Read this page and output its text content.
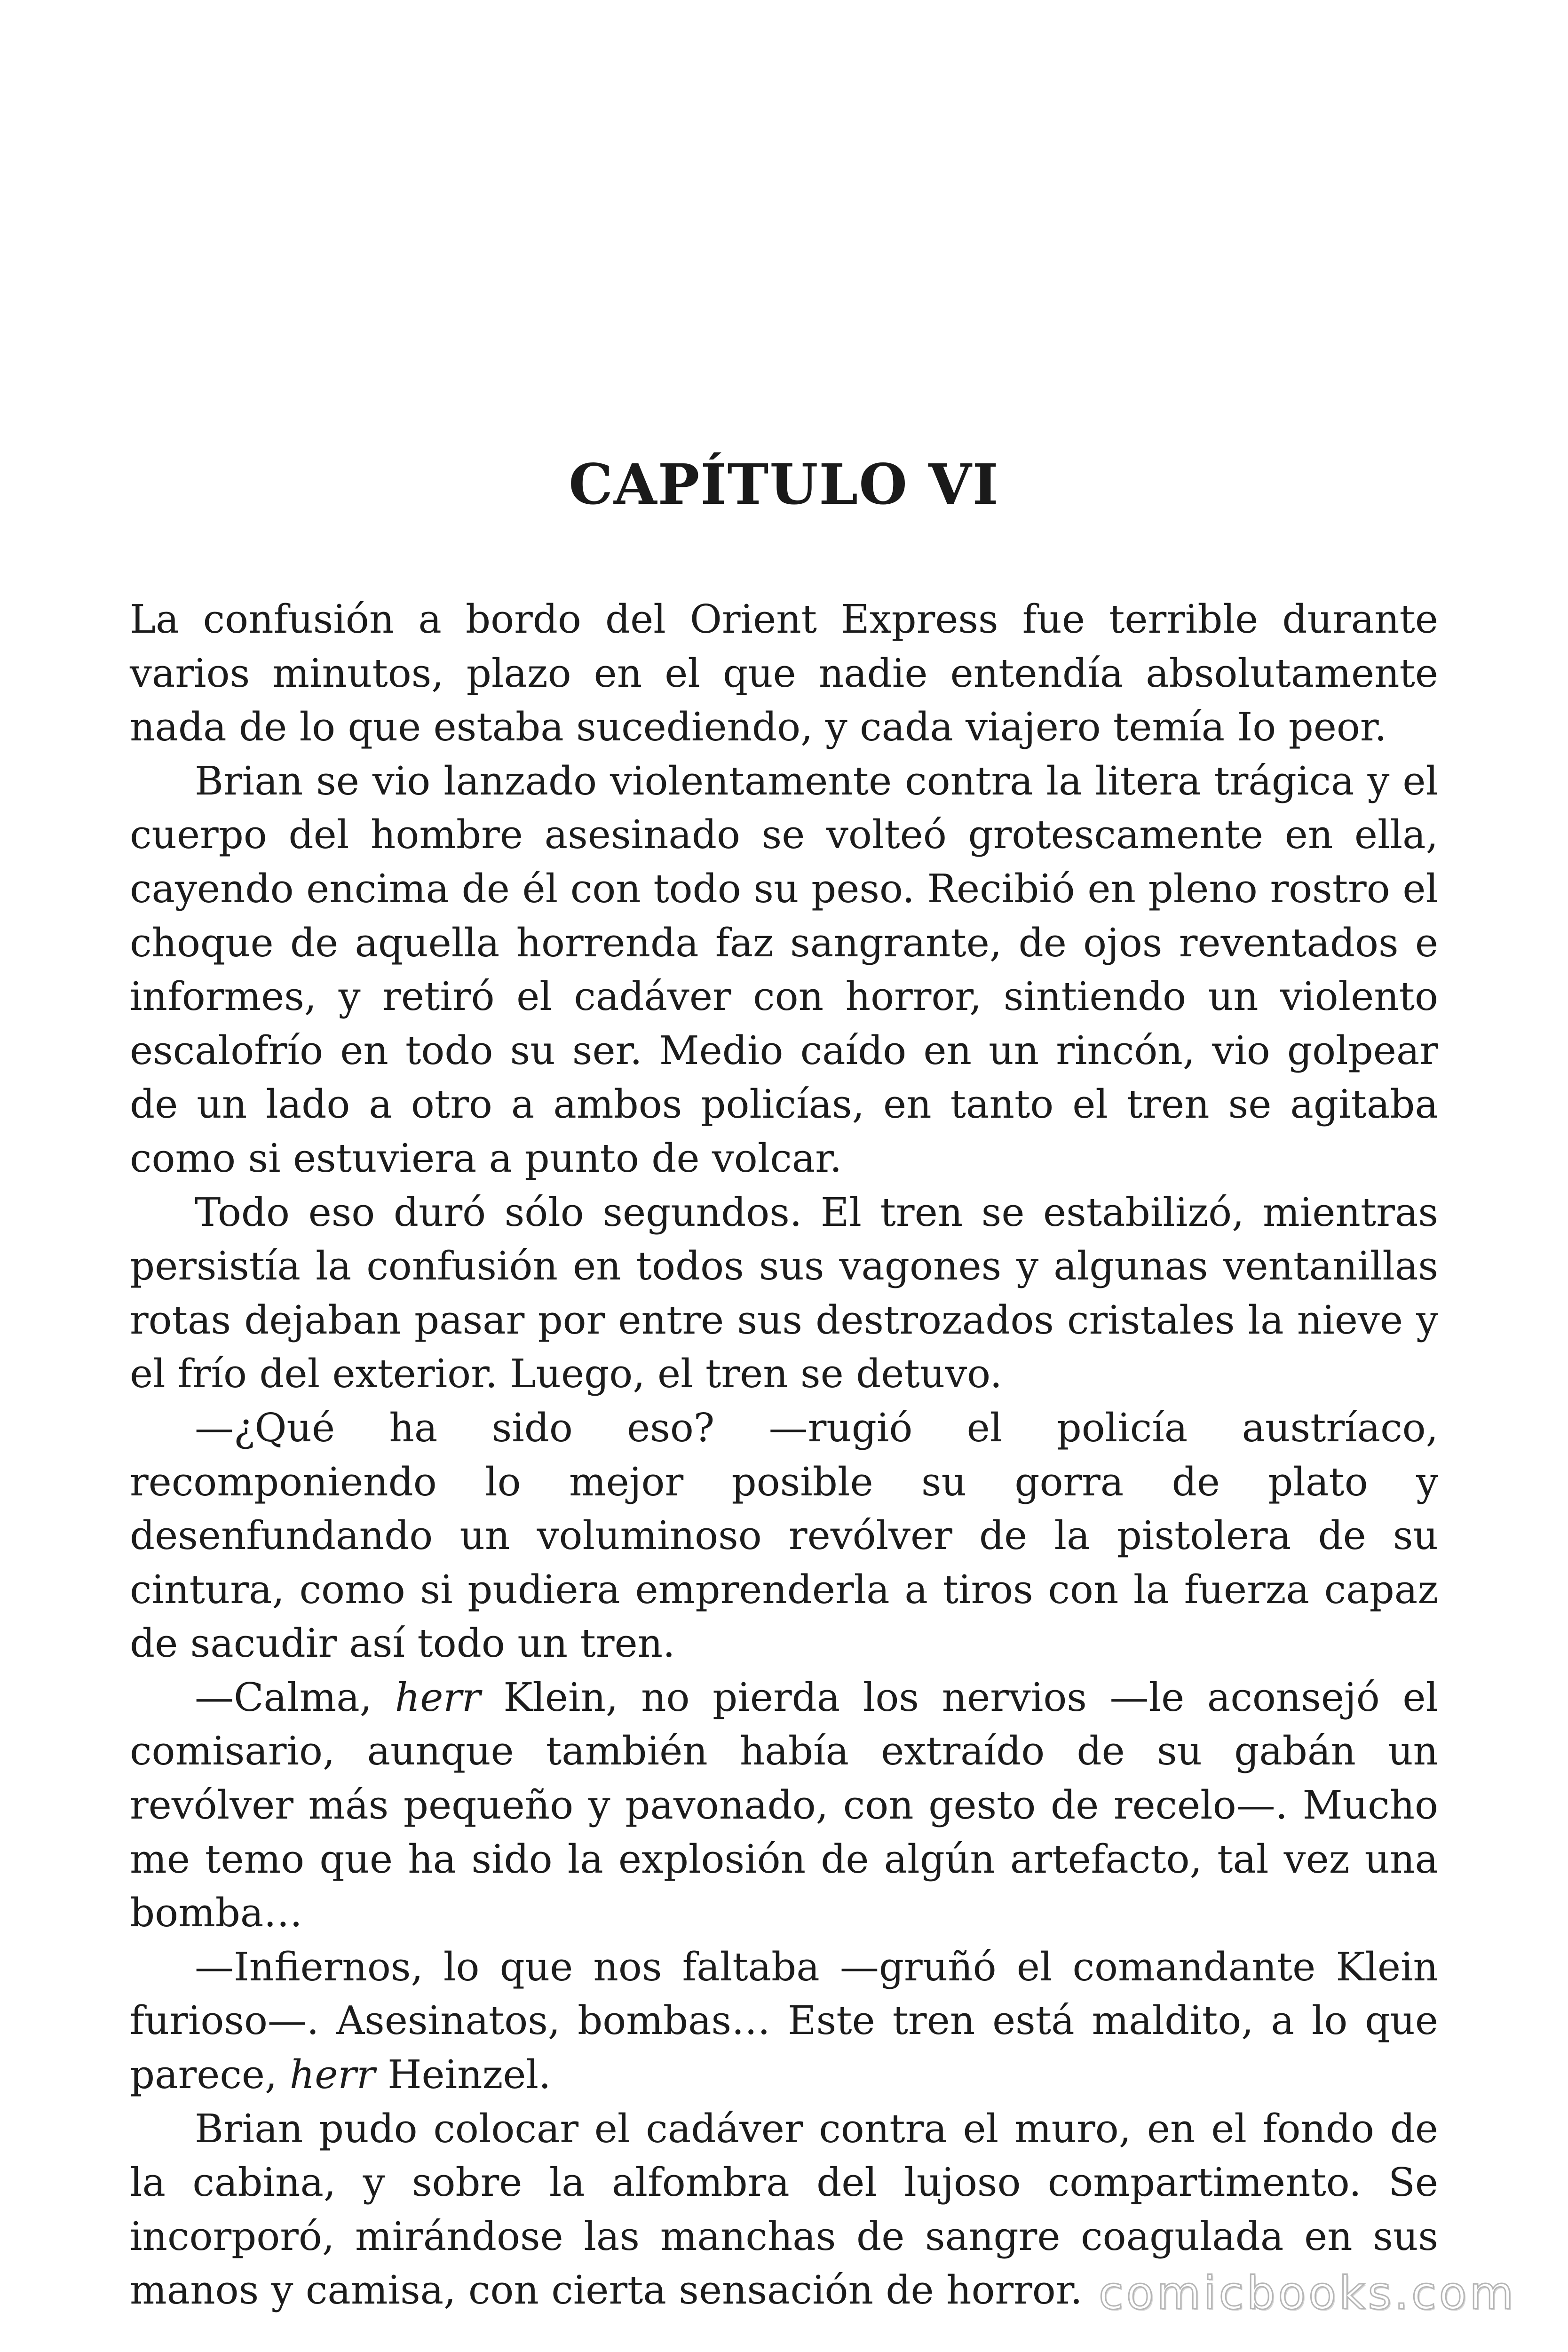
CAPÍTULO VI

La confusión a bordo del Orient Express fue terrible durante varios minutos, plazo en el que nadie entendía absolutamente nada de lo que estaba sucediendo, y cada viajero temía Io peor.

Brian se vio lanzado violentamente contra la litera trágica y el cuerpo del hombre asesinado se volteó grotescamente en ella, cayendo encima de él con todo su peso. Recibió en pleno rostro el choque de aquella horrenda faz sangrante, de ojos reventados e informes, y retiró el cadáver con horror, sintiendo un violento escalofrío en todo su ser. Medio caído en un rincón, vio golpear de un lado a otro a ambos policías, en tanto el tren se agitaba como si estuviera a punto de volcar.

Todo eso duró sólo segundos. El tren se estabilizó, mientras persistía la confusión en todos sus vagones y algunas ventanillas rotas dejaban pasar por entre sus destrozados cristales la nieve y el frío del exterior. Luego, el tren se detuvo.

—¿Qué ha sido eso? —rugió el policía austríaco, recomponiendo lo mejor posible su gorra de plato y desenfundando un voluminoso revólver de la pistolera de su cintura, como si pudiera emprenderla a tiros con la fuerza capaz de sacudir así todo un tren.

—Calma, herr Klein, no pierda los nervios —le aconsejó el comisario, aunque también había extraído de su gabán un revólver más pequeño y pavonado, con gesto de recelo—. Mucho me temo que ha sido la explosión de algún artefacto, tal vez una bomba…

—Infiernos, lo que nos faltaba —gruñó el comandante Klein furioso—. Asesinatos, bombas… Este tren está maldito, a lo que parece, herr Heinzel.

Brian pudo colocar el cadáver contra el muro, en el fondo de la cabina, y sobre la alfombra del lujoso compartimento. Se incorporó, mirándose las manchas de sangre coagulada en sus manos y camisa, con cierta sensación de horror. comicbooks.com
